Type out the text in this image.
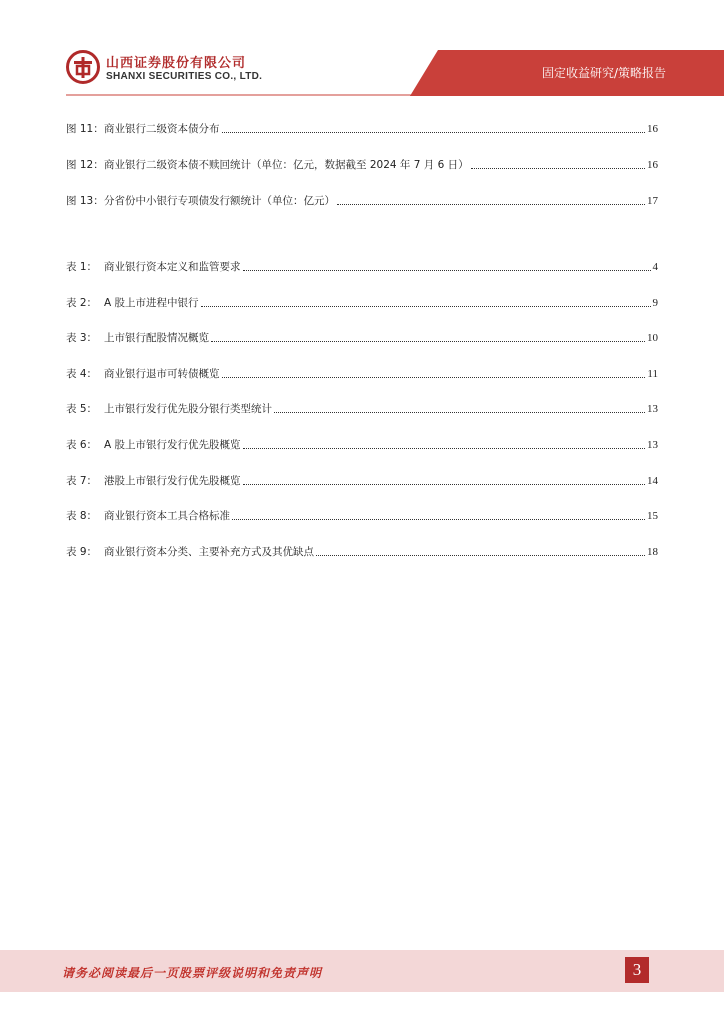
山西证券股份有限公司
SHANXI SECURITIES CO., LTD.	固定收益研究/策略报告
图 11： 商业银行二级资本债分布	16
图 12： 商业银行二级资本债不赎回统计（单位：亿元，数据截至 2024 年 7 月 6 日）	16
图 13： 分省份中小银行专项债发行额统计（单位：亿元）	17
表 1： 商业银行资本定义和监管要求	4
表 2： A 股上市进程中银行	9
表 3： 上市银行配股情况概览	10
表 4： 商业银行退市可转债概览	11
表 5： 上市银行发行优先股分银行类型统计	13
表 6： A 股上市银行发行优先股概览	13
表 7： 港股上市银行发行优先股概览	14
表 8： 商业银行资本工具合格标准	15
表 9： 商业银行资本分类、主要补充方式及其优缺点	18
请务必阅读最后一页股票评级说明和免责声明	3
